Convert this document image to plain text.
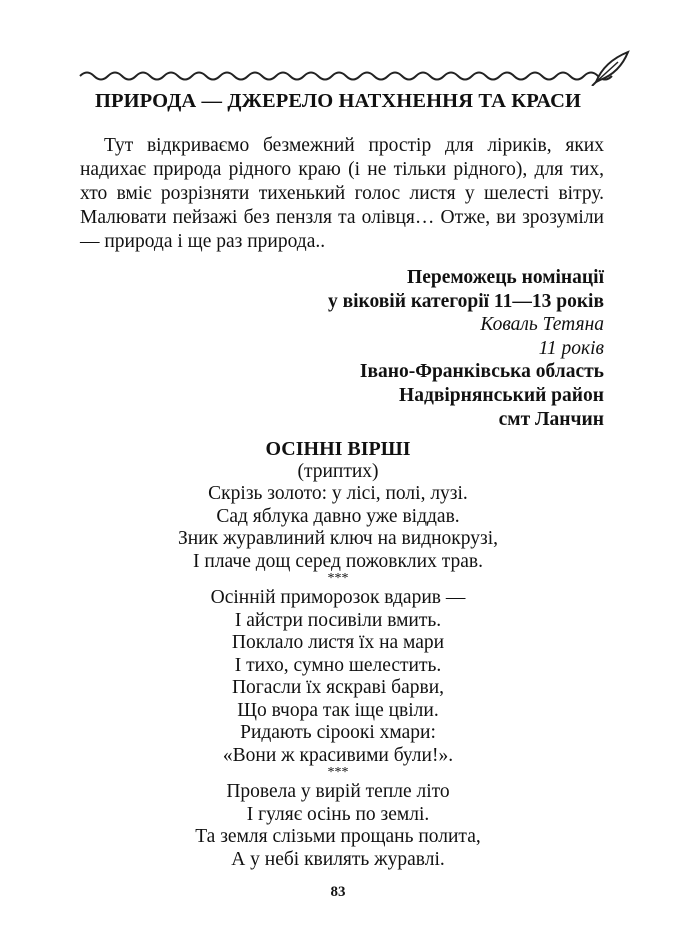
ПРИРОДА — ДЖЕРЕЛО НАТХНЕННЯ ТА КРАСИ

Тут відкриваємо безмежний простір для ліриків, яких надихає природа рідного краю (і не тільки рідного), для тих, хто вміє розрізняти тихенький голос листя у шелесті вітру. Малювати пейзажі без пензля та олівця… Отже, ви зрозуміли — природа і ще раз природа..

Переможець номінації
у віковій категорії 11—13 років
Коваль Тетяна
11 років
Івано-Франківська область
Надвірнянський район
смт Ланчин
ОСІННІ ВІРШІ
(триптих)
Скрізь золото: у лісі, полі, лузі.
Сад яблука давно уже віддав.
Зник журавлиний ключ на виднокрузі,
І плаче дощ серед пожовклих трав.
***
Осінній приморозок вдарив —
І айстри посивіли вмить.
Поклало листя їх на мари
І тихо, сумно шелестить.
Погасли їх яскраві барви,
Що вчора так іще цвіли.
Ридають сіроокі хмари:
«Вони ж красивими були!».
***
Провела у вирій тепле літо
І гуляє осінь по землі.
Та земля слізьми прощань полита,
А у небі квилять журавлі.
83
